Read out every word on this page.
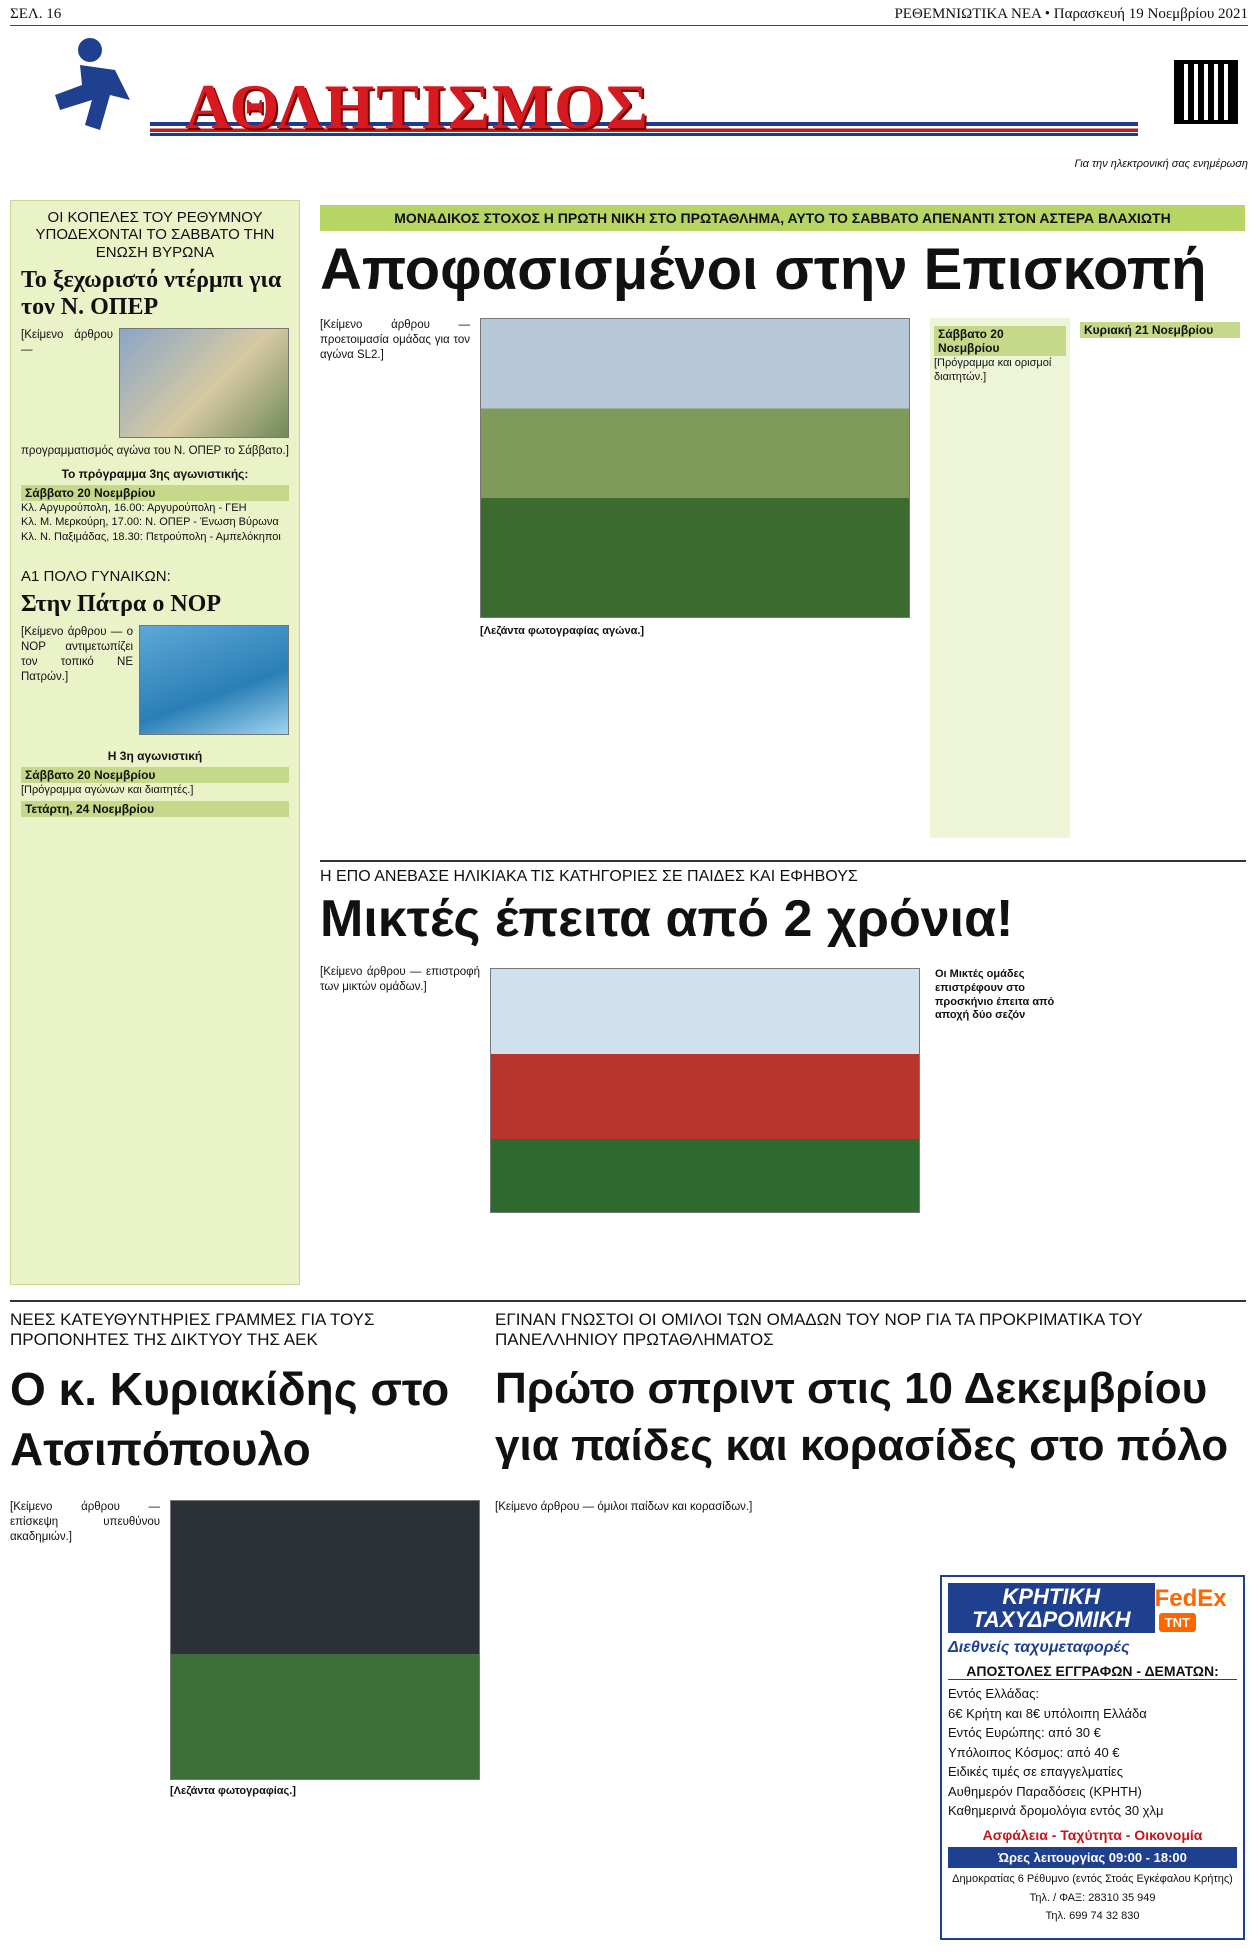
ΣΕΛ. 16	ΡΕΘΕΜΝΙΩΤΙΚΑ ΝΕΑ • Παρασκευή 19 Νοεμβρίου 2021
ΑΘΛΗΤΙΣΜΟΣ
Για την ηλεκτρονική σας ενημέρωση
ΟΙ ΚΟΠΕΛΕΣ ΤΟΥ ΡΕΘΥΜΝΟΥ ΥΠΟΔΕΧΟΝΤΑΙ ΤΟ ΣΑΒΒΑΤΟ ΤΗΝ ΕΝΩΣΗ ΒΥΡΩΝΑ
Το ξεχωριστό ντέρμπι για τον Ν. ΟΠΕΡ
[Κείμενο άρθρου — προγραμματισμός αγώνα του Ν. ΟΠΕΡ το Σάββατο.]
Το πρόγραμμα 3ης αγωνιστικής:
Σάββατο 20 Νοεμβρίου
Κλ. Αργυρούπολη, 16.00: Αργυρούπολη - ΓΕΗ
Κλ. Μ. Μερκούρη, 17.00: Ν. ΟΠΕΡ - Ένωση Βύρωνα
Κλ. Ν. Παξιμάδας, 18.30: Πετρούπολη - Αμπελόκηποι
Α1 ΠΟΛΟ ΓΥΝΑΙΚΩΝ:
Στην Πάτρα ο ΝΟΡ
[Κείμενο άρθρου — ο ΝΟΡ αντιμετωπίζει τον τοπικό ΝΕ Πατρών.]
Η 3η αγωνιστική
Σάββατο 20 Νοεμβρίου
[Πρόγραμμα αγώνων και διαιτητές.]
Τετάρτη, 24 Νοεμβρίου
ΜΟΝΑΔΙΚΟΣ ΣΤΟΧΟΣ Η ΠΡΩΤΗ ΝΙΚΗ ΣΤΟ ΠΡΩΤΑΘΛΗΜΑ, ΑΥΤΟ ΤΟ ΣΑΒΒΑΤΟ ΑΠΕΝΑΝΤΙ ΣΤΟΝ ΑΣΤΕΡΑ ΒΛΑΧΙΩΤΗ
Αποφασισμένοι στην Επισκοπή
[Κείμενο άρθρου — προετοιμασία ομάδας για τον αγώνα SL2.]
[Λεζάντα φωτογραφίας αγώνα.]
Σάββατο 20 Νοεμβρίου
[Πρόγραμμα και ορισμοί διαιτητών.]
Κυριακή 21 Νοεμβρίου
Η ΕΠΟ ΑΝΕΒΑΣΕ ΗΛΙΚΙΑΚΑ ΤΙΣ ΚΑΤΗΓΟΡΙΕΣ ΣΕ ΠΑΙΔΕΣ ΚΑΙ ΕΦΗΒΟΥΣ
Μικτές έπειτα από 2 χρόνια!
[Κείμενο άρθρου — επιστροφή των μικτών ομάδων.]
Οι Μικτές ομάδες επιστρέφουν στο προσκήνιο έπειτα από αποχή δύο σεζόν
ΝΕΕΣ ΚΑΤΕΥΘΥΝΤΗΡΙΕΣ ΓΡΑΜΜΕΣ ΓΙΑ ΤΟΥΣ ΠΡΟΠΟΝΗΤΕΣ ΤΗΣ ΔΙΚΤΥΟΥ ΤΗΣ ΑΕΚ
Ο κ. Κυριακίδης στο Ατσιπόπουλο
[Κείμενο άρθρου — επίσκεψη υπευθύνου ακαδημιών.]
[Λεζάντα φωτογραφίας.]
ΕΓΙΝΑΝ ΓΝΩΣΤΟΙ ΟΙ ΟΜΙΛΟΙ ΤΩΝ ΟΜΑΔΩΝ ΤΟΥ ΝΟΡ ΓΙΑ ΤΑ ΠΡΟΚΡΙΜΑΤΙΚΑ ΤΟΥ ΠΑΝΕΛΛΗΝΙΟΥ ΠΡΩΤΑΘΛΗΜΑΤΟΣ
Πρώτο σπριντ στις 10 Δεκεμβρίου για παίδες και κορασίδες στο πόλο
[Κείμενο άρθρου — όμιλοι παίδων και κορασίδων.]
ΚΡΗΤΙΚΗ ΤΑΧΥΔΡΟΜΙΚΗ
FedExTNT
Διεθνείς ταχυμεταφορές
ΑΠΟΣΤΟΛΕΣ ΕΓΓΡΑΦΩΝ - ΔΕΜΑΤΩΝ:
Εντός Ελλάδας:
6€ Κρήτη και 8€ υπόλοιπη Ελλάδα
Εντός Ευρώπης: από 30 €
Υπόλοιπος Κόσμος: από 40 €
Ειδικές τιμές σε επαγγελματίες
Αυθημερόν Παραδόσεις (ΚΡΗΤΗ)
Καθημερινά δρομολόγια εντός 30 χλμ
Ασφάλεια - Ταχύτητα - Οικονομία
Ώρες λειτουργίας 09:00 - 18:00
Δημοκρατίας 6 Ρέθυμνο (εντός Στοάς Εγκέφαλου Κρήτης)
Τηλ. / ΦΑΞ: 28310 35 949
Τηλ. 699 74 32 830
